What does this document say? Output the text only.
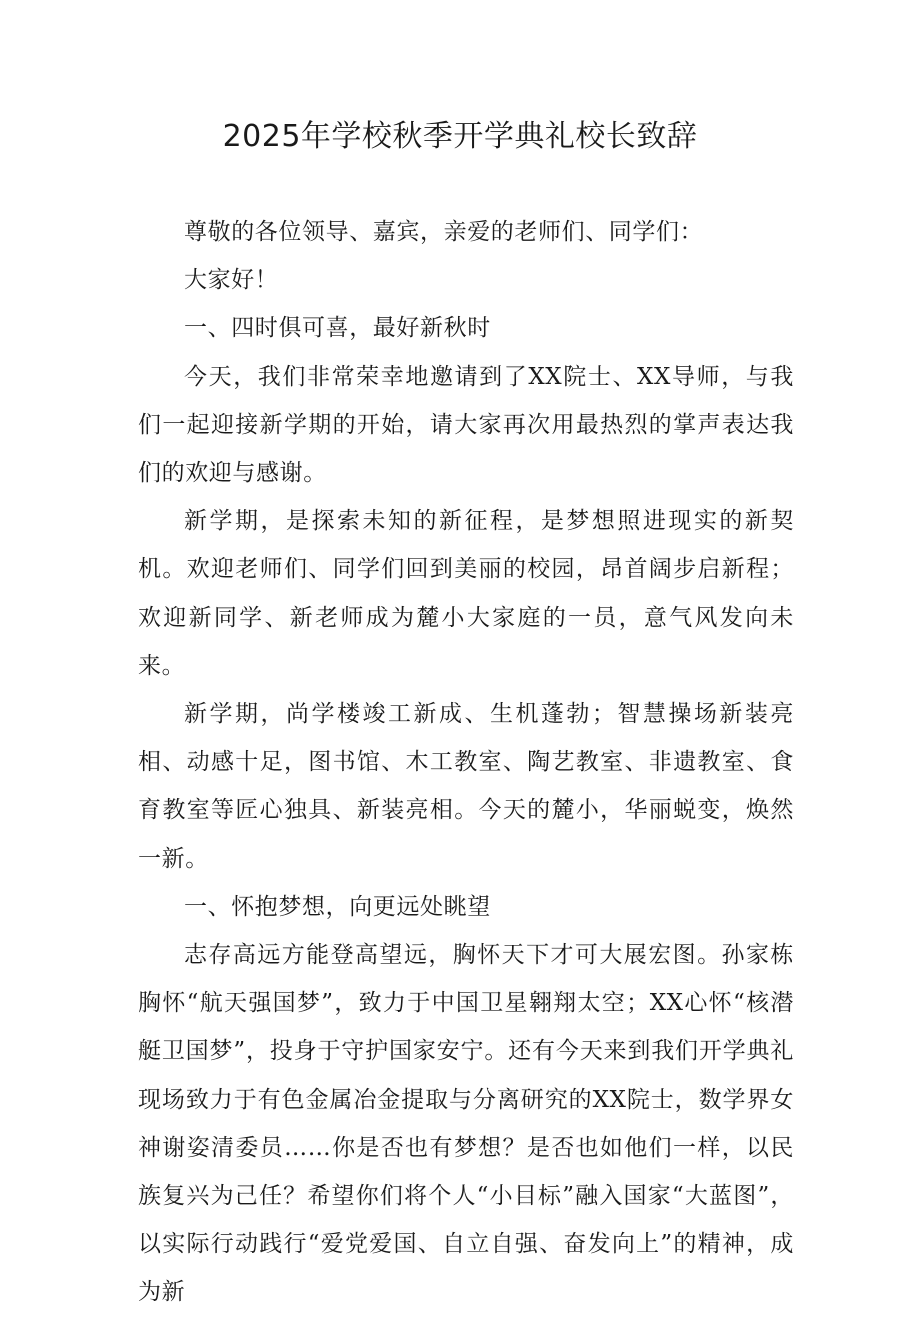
2025年学校秋季开学典礼校长致辞

尊敬的各位领导、嘉宾，亲爱的老师们、同学们：

大家好！

一、四时俱可喜，最好新秋时

今天，我们非常荣幸地邀请到了XX院士、XX导师，与我们一起迎接新学期的开始，请大家再次用最热烈的掌声表达我们的欢迎与感谢。

新学期，是探索未知的新征程，是梦想照进现实的新契机。欢迎老师们、同学们回到美丽的校园，昂首阔步启新程；欢迎新同学、新老师成为麓小大家庭的一员，意气风发向未来。

新学期，尚学楼竣工新成、生机蓬勃；智慧操场新装亮相、动感十足，图书馆、木工教室、陶艺教室、非遗教室、食育教室等匠心独具、新装亮相。今天的麓小，华丽蜕变，焕然一新。

一、怀抱梦想，向更远处眺望

志存高远方能登高望远，胸怀天下才可大展宏图。孙家栋胸怀“航天强国梦”，致力于中国卫星翱翔太空；XX心怀“核潜艇卫国梦”，投身于守护国家安宁。还有今天来到我们开学典礼现场致力于有色金属冶金提取与分离研究的XX院士，数学界女神谢姿清委员……你是否也有梦想？是否也如他们一样，以民族复兴为己任？希望你们将个人“小目标”融入国家“大蓝图”，以实际行动践行“爱党爱国、自立自强、奋发向上”的精神，成为新
